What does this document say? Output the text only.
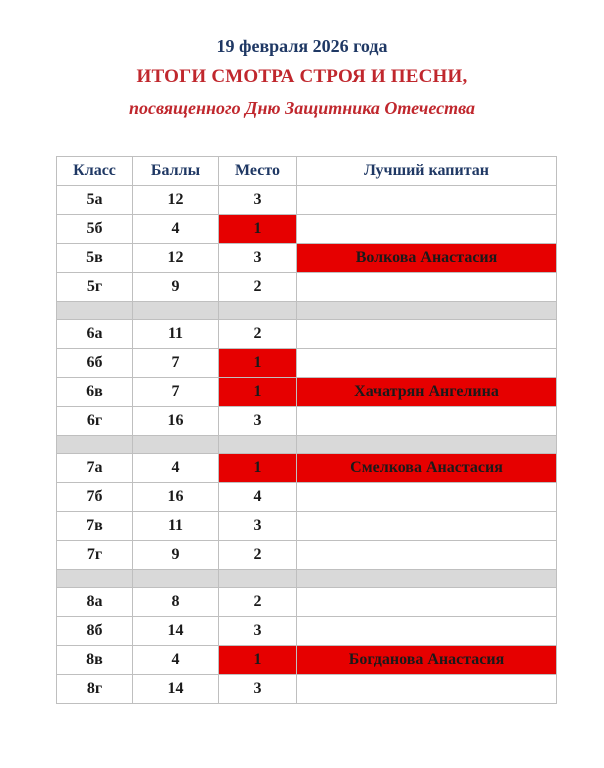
19 февраля 2026 года
ИТОГИ СМОТРА СТРОЯ И ПЕСНИ,
посвященного Дню Защитника Отечества
Класс	Баллы	Место	Лучший капитан
5а	12	3	
5б	4	1	
5в	12	3	Волкова Анастасия
5г	9	2	

6а	11	2	
6б	7	1	
6в	7	1	Хачатрян Ангелина
6г	16	3	

7а	4	1	Смелкова Анастасия
7б	16	4	
7в	11	3	
7г	9	2	

8а	8	2	
8б	14	3	
8в	4	1	Богданова Анастасия
8г	14	3	
